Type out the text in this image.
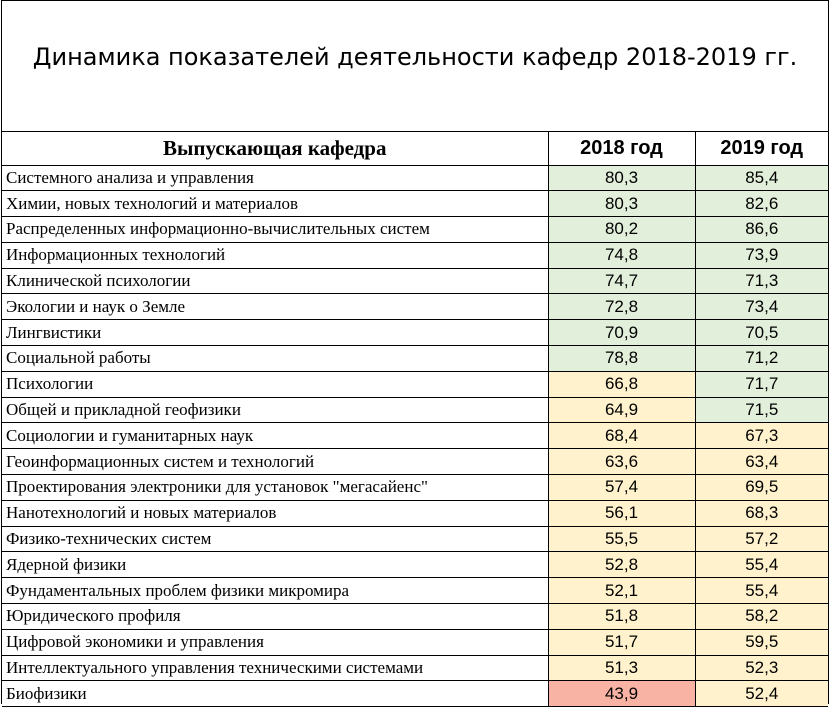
Динамика показателей деятельности кафедр 2018-2019 гг.
Выпускающая кафедра	2018 год	2019 год
Системного анализа и управления	80,3	85,4
Химии, новых технологий и материалов	80,3	82,6
Распределенных информационно-вычислительных систем	80,2	86,6
Информационных технологий	74,8	73,9
Клинической психологии	74,7	71,3
Экологии и наук о Земле	72,8	73,4
Лингвистики	70,9	70,5
Социальной работы	78,8	71,2
Психологии	66,8	71,7
Общей и прикладной геофизики	64,9	71,5
Социологии и гуманитарных наук	68,4	67,3
Геоинформационных систем и технологий	63,6	63,4
Проектирования электроники для установок "мегасайенс"	57,4	69,5
Нанотехнологий и новых материалов	56,1	68,3
Физико-технических систем	55,5	57,2
Ядерной физики	52,8	55,4
Фундаментальных проблем физики микромира	52,1	55,4
Юридического профиля	51,8	58,2
Цифровой экономики и управления	51,7	59,5
Интеллектуального управления техническими системами	51,3	52,3
Биофизики	43,9	52,4
